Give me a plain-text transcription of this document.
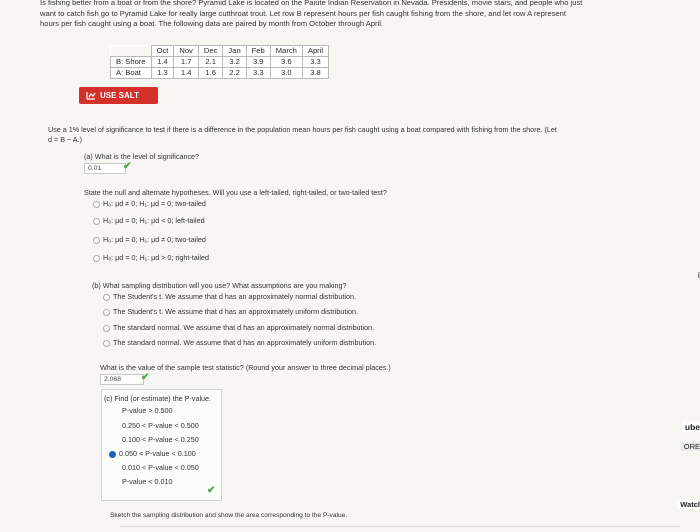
Is fishing better from a boat or from the shore? Pyramid Lake is located on the Paiute Indian Reservation in Nevada. Presidents, movie stars, and people who just
want to catch fish go to Pyramid Lake for really large cutthroat trout. Let row B represent hours per fish caught fishing from the shore, and let row A represent
hours per fish caught using a boat. The following data are paired by month from October through April.
	Oct	Nov	Dec	Jan	Feb	March	April
B: Shore	1.4	1.7	2.1	3.2	3.9	3.6	3.3
A: Boat	1.3	1.4	1.6	2.2	3.3	3.0	3.8
USE SALT
Use a 1% level of significance to test if there is a difference in the population mean hours per fish caught using a boat compared with fishing from the shore. (Let
d = B − A.)
(a) What is the level of significance?
0.01	✔
State the null and alternate hypotheses. Will you use a left-tailed, right-tailed, or two-tailed test?
H₀: μd ≠ 0; H₁: μd = 0; two-tailed
H₀: μd = 0; H₁: μd < 0; left-tailed
H₀: μd = 0; H₁: μd ≠ 0; two-tailed
H₀: μd = 0; H₁: μd > 0; right-tailed
(b) What sampling distribution will you use? What assumptions are you making?
The Student's t. We assume that d has an approximately normal distribution.
The Student's t. We assume that d has an approximately uniform distribution.
The standard normal. We assume that d has an approximately normal distribution.
The standard normal. We assume that d has an approximately uniform distribution.
What is the value of the sample test statistic? (Round your answer to three decimal places.)
2.068	✔
(c) Find (or estimate) the P-value.
P-value > 0.500
0.250 < P-value < 0.500
0.100 < P-value < 0.250
0.050 < P-value < 0.100
0.010 < P-value < 0.050
P-value < 0.010
✔
Sketch the sampling distribution and show the area corresponding to the P-value.
i
ube
ORE
Watcl
